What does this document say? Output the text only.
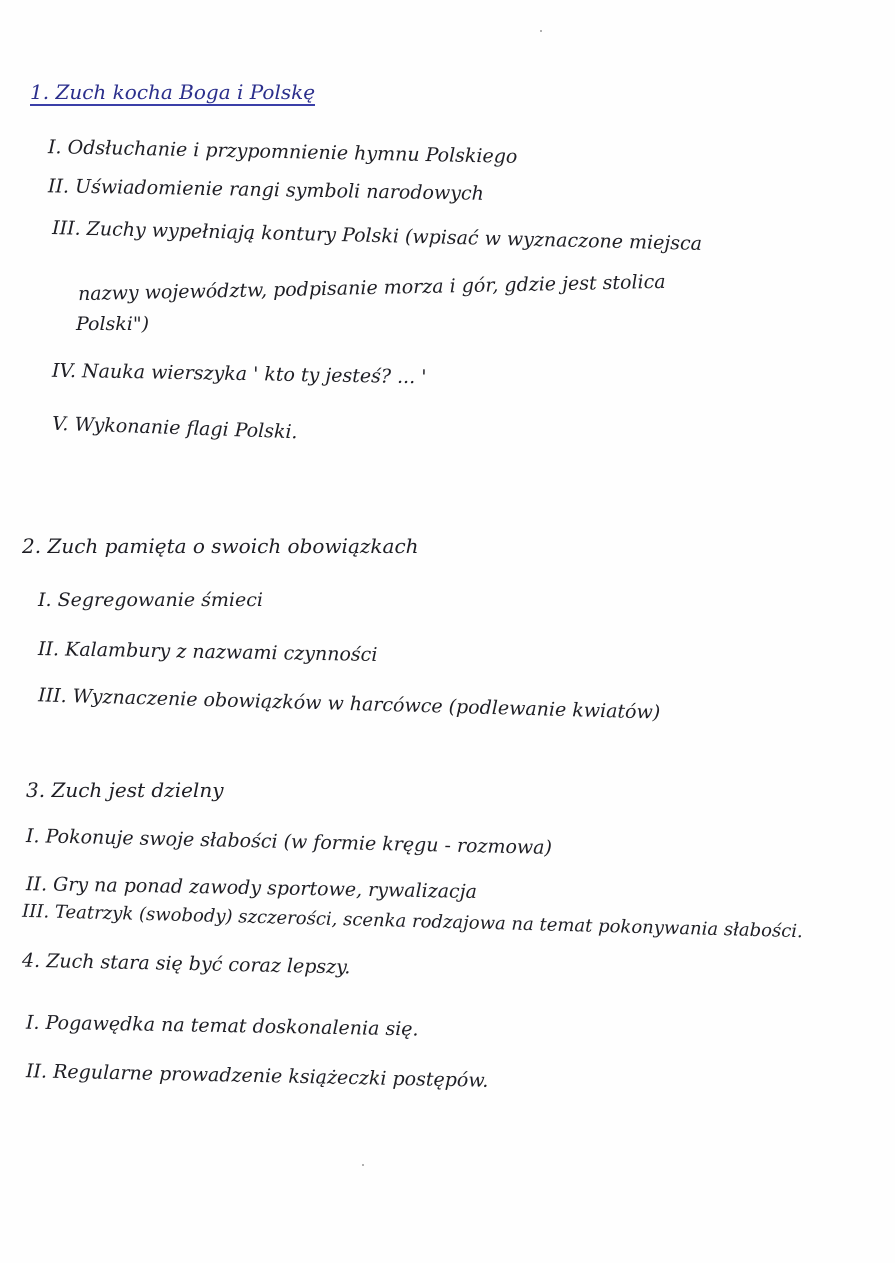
1. Zuch kocha Boga i Polskę
I. Odsłuchanie i przypomnienie hymnu Polskiego
II. Uświadomienie rangi symboli narodowych
III. Zuchy wypełniają kontury Polski (wpisać w wyznaczone miejsca
nazwy województw, podpisanie morza i gór, gdzie jest stolica
Polski")
IV. Nauka wierszyka ' kto ty jesteś? ... '
V. Wykonanie flagi Polski.
2. Zuch pamięta o swoich obowiązkach
I. Segregowanie śmieci
II. Kalambury z nazwami czynności
III. Wyznaczenie obowiązków w harcówce (podlewanie kwiatów)
3. Zuch jest dzielny
I. Pokonuje swoje słabości (w formie kręgu - rozmowa)
II. Gry na ponad zawody sportowe, rywalizacja
III. Teatrzyk (swobody) szczerości, scenka rodzajowa na temat pokonywania słabości.
4. Zuch stara się być coraz lepszy.
I. Pogawędka na temat doskonalenia się.
II. Regularne prowadzenie książeczki postępów.
